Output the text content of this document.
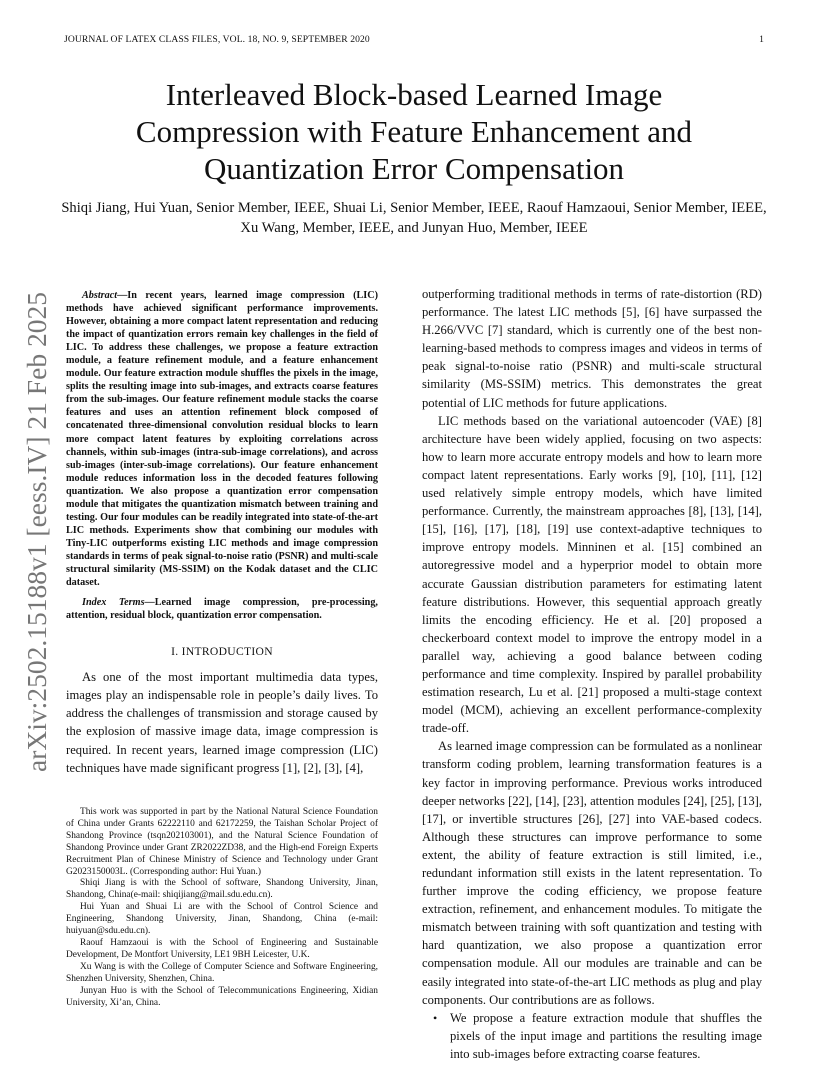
JOURNAL OF LATEX CLASS FILES, VOL. 18, NO. 9, SEPTEMBER 2020	1
Interleaved Block-based Learned Image Compression with Feature Enhancement and Quantization Error Compensation
Shiqi Jiang, Hui Yuan, Senior Member, IEEE, Shuai Li, Senior Member, IEEE, Raouf Hamzaoui, Senior Member, IEEE, Xu Wang, Member, IEEE, and Junyan Huo, Member, IEEE
arXiv:2502.15188v1 [eess.IV] 21 Feb 2025

Abstract—In recent years, learned image compression (LIC) methods have achieved significant performance improvements. However, obtaining a more compact latent representation and reducing the impact of quantization errors remain key challenges in the field of LIC. To address these challenges, we propose a feature extraction module, a feature refinement module, and a feature enhancement module. Our feature extraction module shuffles the pixels in the image, splits the resulting image into sub-images, and extracts coarse features from the sub-images. Our feature refinement module stacks the coarse features and uses an attention refinement block composed of concatenated three-dimensional convolution residual blocks to learn more compact latent features by exploiting correlations across channels, within sub-images (intra-sub-image correlations), and across sub-images (inter-sub-image correlations). Our feature enhancement module reduces information loss in the decoded features following quantization. We also propose a quantization error compensation module that mitigates the quantization mismatch between training and testing. Our four modules can be readily integrated into state-of-the-art LIC methods. Experiments show that combining our modules with Tiny-LIC outperforms existing LIC methods and image compression standards in terms of peak signal-to-noise ratio (PSNR) and multi-scale structural similarity (MS-SSIM) on the Kodak dataset and the CLIC dataset.

Index Terms—Learned image compression, pre-processing, attention, residual block, quantization error compensation.

I. INTRODUCTION

As one of the most important multimedia data types, images play an indispensable role in people’s daily lives. To address the challenges of transmission and storage caused by the explosion of massive image data, image compression is required. In recent years, learned image compression (LIC) techniques have made significant progress [1], [2], [3], [4],

This work was supported in part by the National Natural Science Foundation of China under Grants 62222110 and 62172259, the Taishan Scholar Project of Shandong Province (tsqn202103001), and the Natural Science Foundation of Shandong Province under Grant ZR2022ZD38, and the High-end Foreign Experts Recruitment Plan of Chinese Ministry of Science and Technology under Grant G2023150003L. (Corresponding author: Hui Yuan.)

Shiqi Jiang is with the School of software, Shandong University, Jinan, Shandong, China(e-mail: shiqijiang@mail.sdu.edu.cn).

Hui Yuan and Shuai Li are with the School of Control Science and Engineering, Shandong University, Jinan, Shandong, China (e-mail: huiyuan@sdu.edu.cn).

Raouf Hamzaoui is with the School of Engineering and Sustainable Development, De Montfort University, LE1 9BH Leicester, U.K.

Xu Wang is with the College of Computer Science and Software Engineering, Shenzhen University, Shenzhen, China.

Junyan Huo is with the School of Telecommunications Engineering, Xidian University, Xi’an, China.

outperforming traditional methods in terms of rate-distortion (RD) performance. The latest LIC methods [5], [6] have surpassed the H.266/VVC [7] standard, which is currently one of the best non-learning-based methods to compress images and videos in terms of peak signal-to-noise ratio (PSNR) and multi-scale structural similarity (MS-SSIM) metrics. This demonstrates the great potential of LIC methods for future applications.

LIC methods based on the variational autoencoder (VAE) [8] architecture have been widely applied, focusing on two aspects: how to learn more accurate entropy models and how to learn more compact latent representations. Early works [9], [10], [11], [12] used relatively simple entropy models, which have limited performance. Currently, the mainstream approaches [8], [13], [14], [15], [16], [17], [18], [19] use context-adaptive techniques to improve entropy models. Minninen et al. [15] combined an autoregressive model and a hyperprior model to obtain more accurate Gaussian distribution parameters for estimating latent feature distributions. However, this sequential approach greatly limits the encoding efficiency. He et al. [20] proposed a checkerboard context model to improve the entropy model in a parallel way, achieving a good balance between coding performance and time complexity. Inspired by parallel probability estimation research, Lu et al. [21] proposed a multi-stage context model (MCM), achieving an excellent performance-complexity trade-off.

As learned image compression can be formulated as a nonlinear transform coding problem, learning transformation features is a key factor in improving performance. Previous works introduced deeper networks [22], [14], [23], attention modules [24], [25], [13], [17], or invertible structures [26], [27] into VAE-based codecs. Although these structures can improve performance to some extent, the ability of feature extraction is still limited, i.e., redundant information still exists in the latent representation. To further improve the coding efficiency, we propose feature extraction, refinement, and enhancement modules. To mitigate the mismatch between training with soft quantization and testing with hard quantization, we also propose a quantization error compensation module. All our modules are trainable and can be easily integrated into state-of-the-art LIC methods as plug and play components. Our contributions are as follows.

• We propose a feature extraction module that shuffles the pixels of the input image and partitions the resulting image into sub-images before extracting coarse features.
